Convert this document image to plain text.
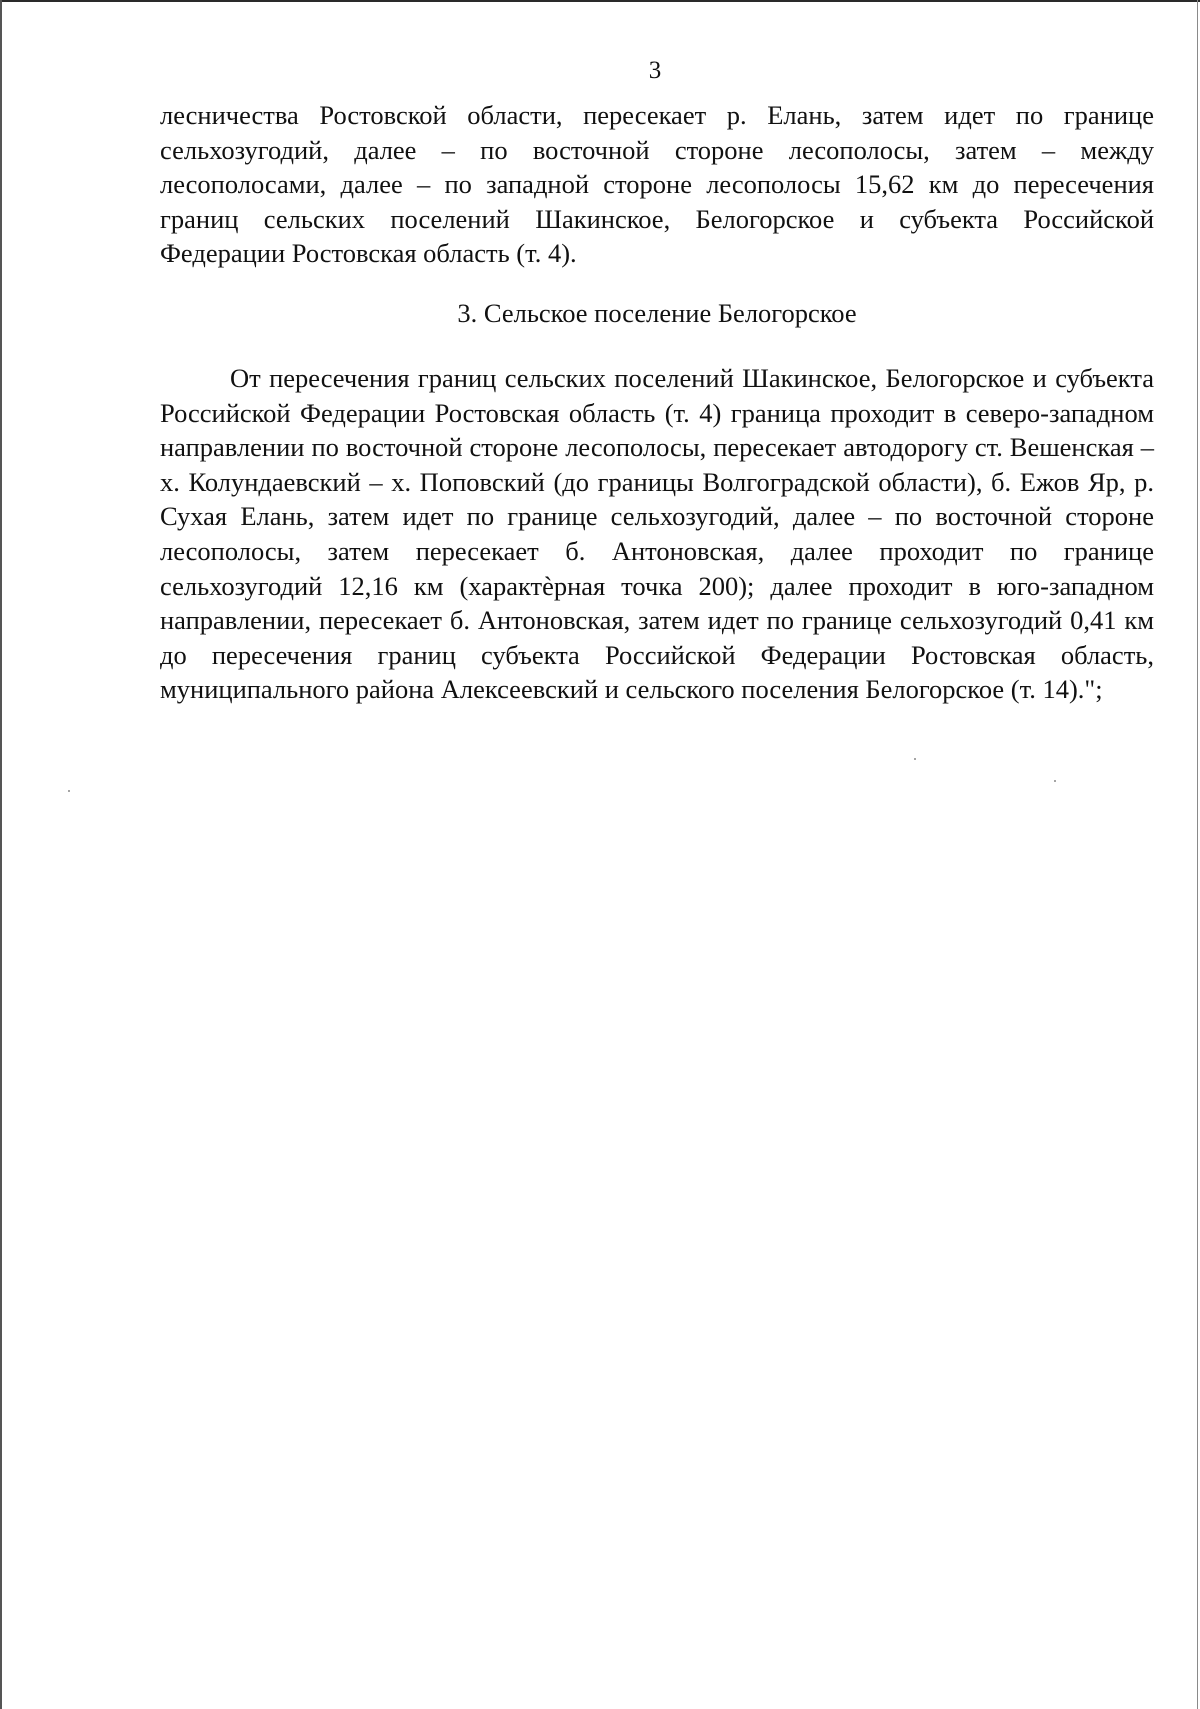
3

лесничества Ростовской области, пересекает р. Елань, затем идет по границе сельхозугодий, далее – по восточной стороне лесополосы, затем – между лесополосами, далее – по западной стороне лесополосы 15,62 км до пересечения границ сельских поселений Шакинское, Белогорское и субъекта Российской Федерации Ростовская область (т. 4).

3. Сельское поселение Белогорское

От пересечения границ сельских поселений Шакинское, Белогорское и субъекта Российской Федерации Ростовская область (т. 4) граница проходит в северо-западном направлении по восточной стороне лесополосы, пересекает автодорогу ст. Вешенская – х. Колундаевский – х. Поповский (до границы Волгоградской области), б. Ежов Яр, р. Сухая Елань, затем идет по границе сельхозугодий, далее – по восточной стороне лесополосы, затем пересекает б. Антоновская, далее проходит по границе сельхозугодий 12,16 км (характѐрная точка 200); далее проходит в юго-западном направлении, пересекает б. Антоновская, затем идет по границе сельхозугодий 0,41 км до пересечения границ субъекта Российской Федерации Ростовская область, муниципального района Алексеевский и сельского поселения Белогорское (т. 14).";
